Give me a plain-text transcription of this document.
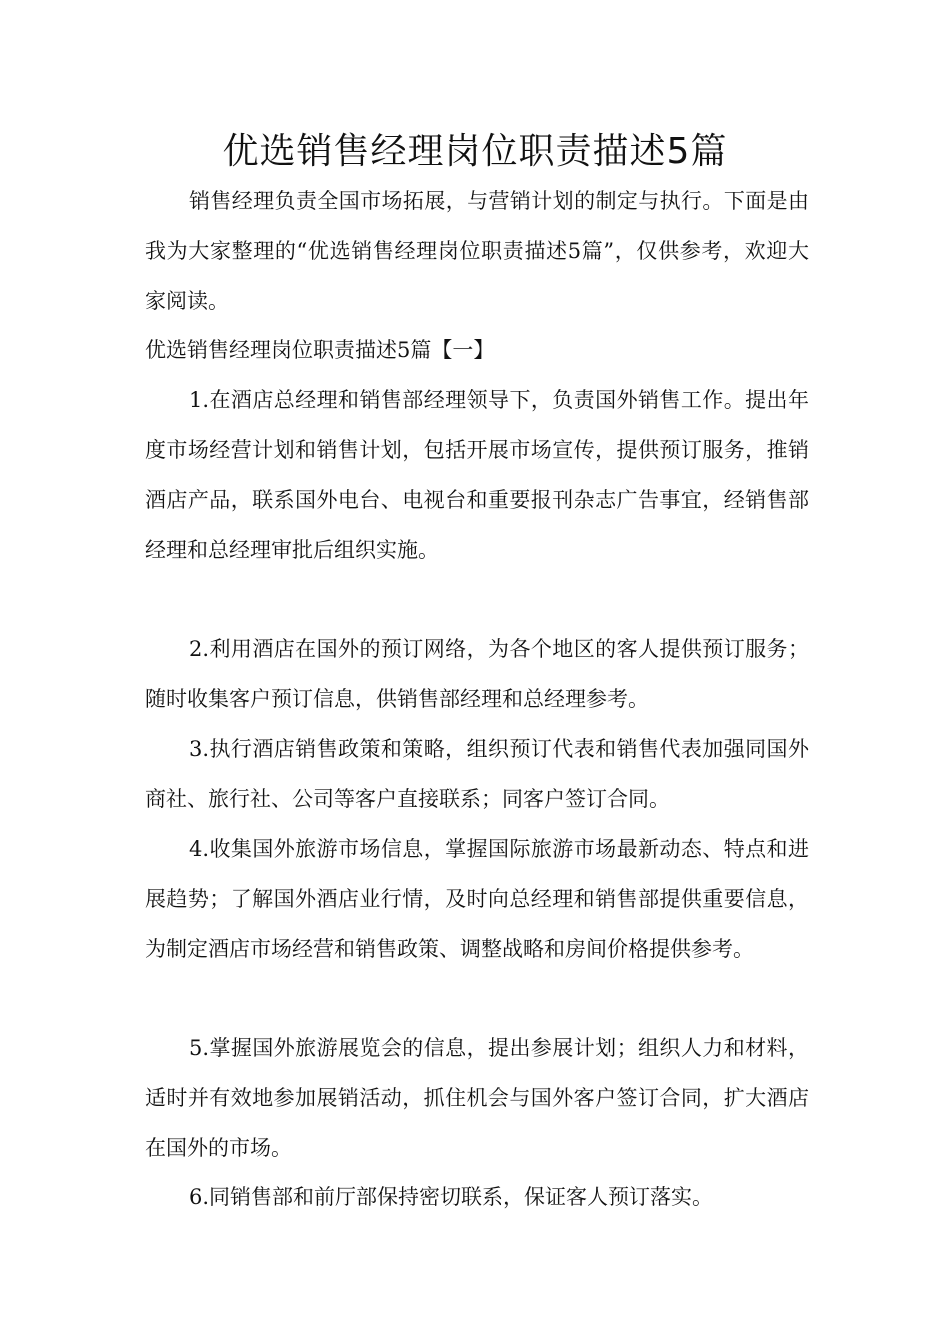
优选销售经理岗位职责描述5篇

销售经理负责全国市场拓展，与营销计划的制定与执行。下面是由我为大家整理的“优选销售经理岗位职责描述5篇”，仅供参考，欢迎大家阅读。

优选销售经理岗位职责描述5篇【一】

1.在酒店总经理和销售部经理领导下，负责国外销售工作。提出年度市场经营计划和销售计划，包括开展市场宣传，提供预订服务，推销酒店产品，联系国外电台、电视台和重要报刊杂志广告事宜，经销售部经理和总经理审批后组织实施。

2.利用酒店在国外的预订网络，为各个地区的客人提供预订服务；随时收集客户预订信息，供销售部经理和总经理参考。

3.执行酒店销售政策和策略，组织预订代表和销售代表加强同国外商社、旅行社、公司等客户直接联系；同客户签订合同。

4.收集国外旅游市场信息，掌握国际旅游市场最新动态、特点和进展趋势；了解国外酒店业行情，及时向总经理和销售部提供重要信息，为制定酒店市场经营和销售政策、调整战略和房间价格提供参考。

5.掌握国外旅游展览会的信息，提出参展计划；组织人力和材料，适时并有效地参加展销活动，抓住机会与国外客户签订合同，扩大酒店在国外的市场。

6.同销售部和前厅部保持密切联系，保证客人预订落实。
